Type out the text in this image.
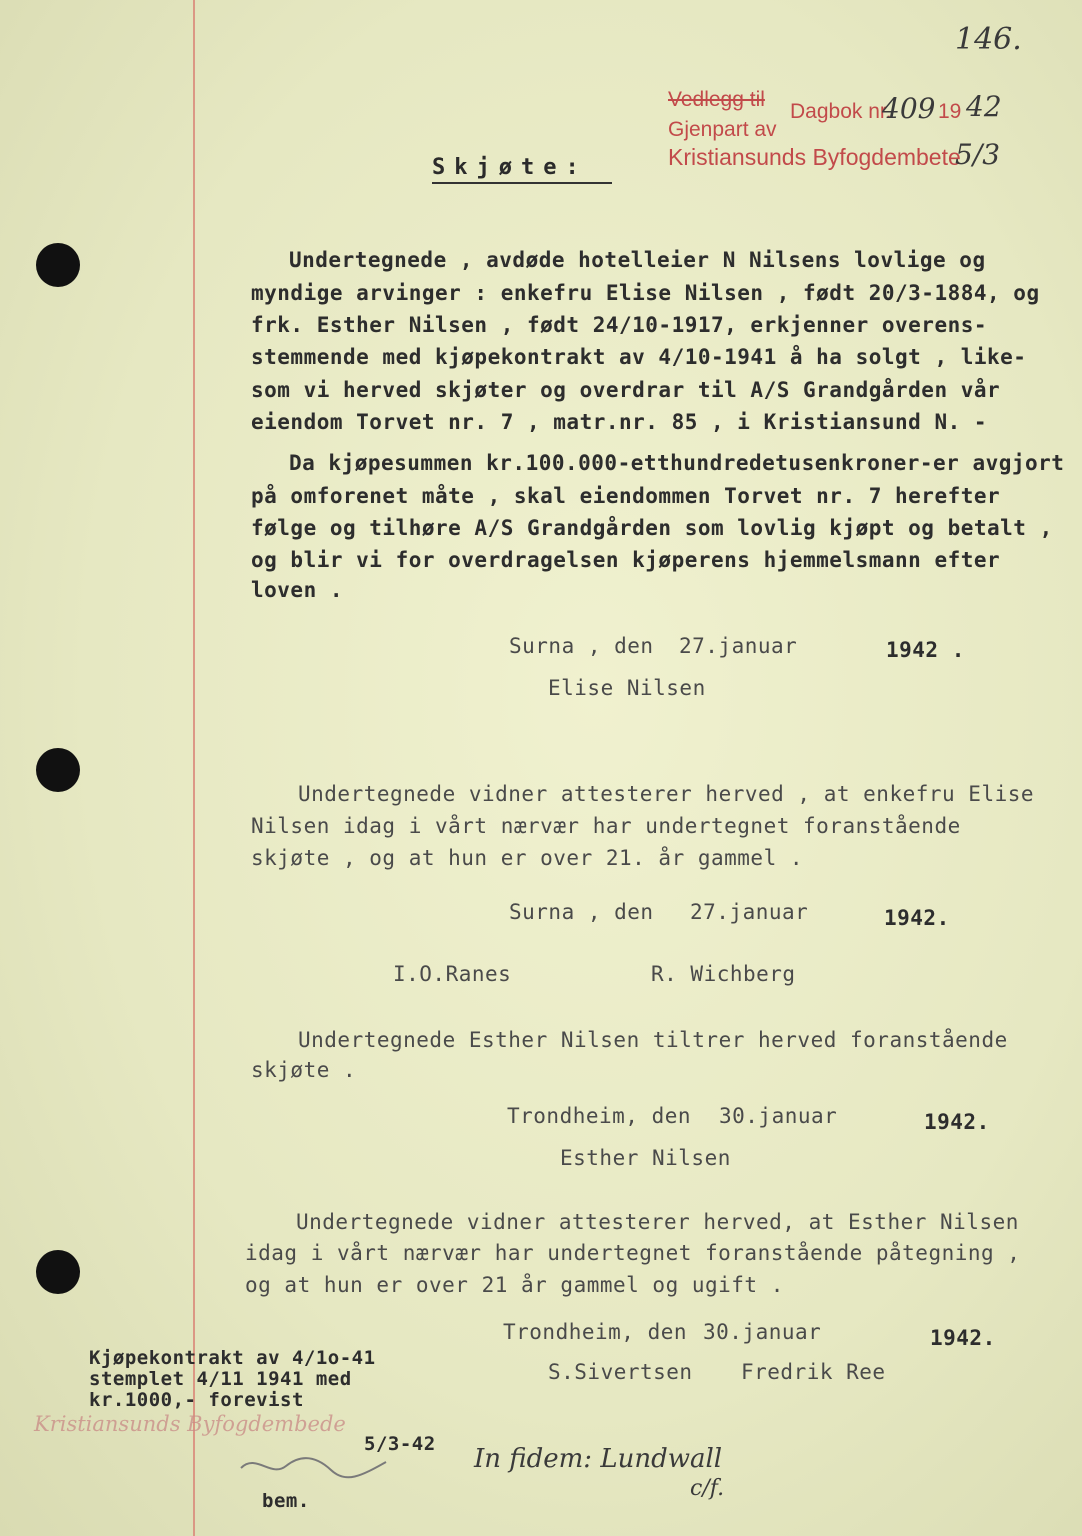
146.
Vedlegg til
Dagbok nr.
409 19 42
Gjenpart av
Kristiansunds Byfogdembete
5/3
Skjøte:
Undertegnede , avdøde hotelleier N Nilsens lovlige og
myndige arvinger : enkefru Elise Nilsen , født 20/3-1884, og
frk. Esther Nilsen , født 24/10-1917, erkjenner overens-
stemmende med kjøpekontrakt av 4/10-1941 å ha solgt , like-
som vi herved skjøter og overdrar til A/S Grandgården vår
eiendom Torvet nr. 7 , matr.nr. 85 , i Kristiansund N. -
Da kjøpesummen kr.100.000-etthundredetusenkroner-er avgjort
på omforenet måte , skal eiendommen Torvet nr. 7 herefter
følge og tilhøre A/S Grandgården som lovlig kjøpt og betalt ,
og blir vi for overdragelsen kjøperens hjemmelsmann efter
loven .
Surna , den 27.januar	1942 .
Elise Nilsen
Undertegnede vidner attesterer herved , at enkefru Elise
Nilsen idag i vårt nærvær har undertegnet foranstående
skjøte , og at hun er over 21. år gammel .
Surna , den 27.januar	1942.
I.O.Ranes	R. Wichberg
Undertegnede Esther Nilsen tiltrer herved foranstående
skjøte .
Trondheim, den 30.januar	1942.
Esther Nilsen
Undertegnede vidner attesterer herved, at Esther Nilsen
idag i vårt nærvær har undertegnet foranstående påtegning ,
og at hun er over 21 år gammel og ugift .
Trondheim, den 30.januar	1942.
S.Sivertsen Fredrik Ree
Kjøpekontrakt av 4/1o-41
stemplet 4/11 1941 med
kr.1000,- forevist
Kristiansunds Byfogdembede
5/3-42 In fidem: Lundwall
c/f.
bem.
